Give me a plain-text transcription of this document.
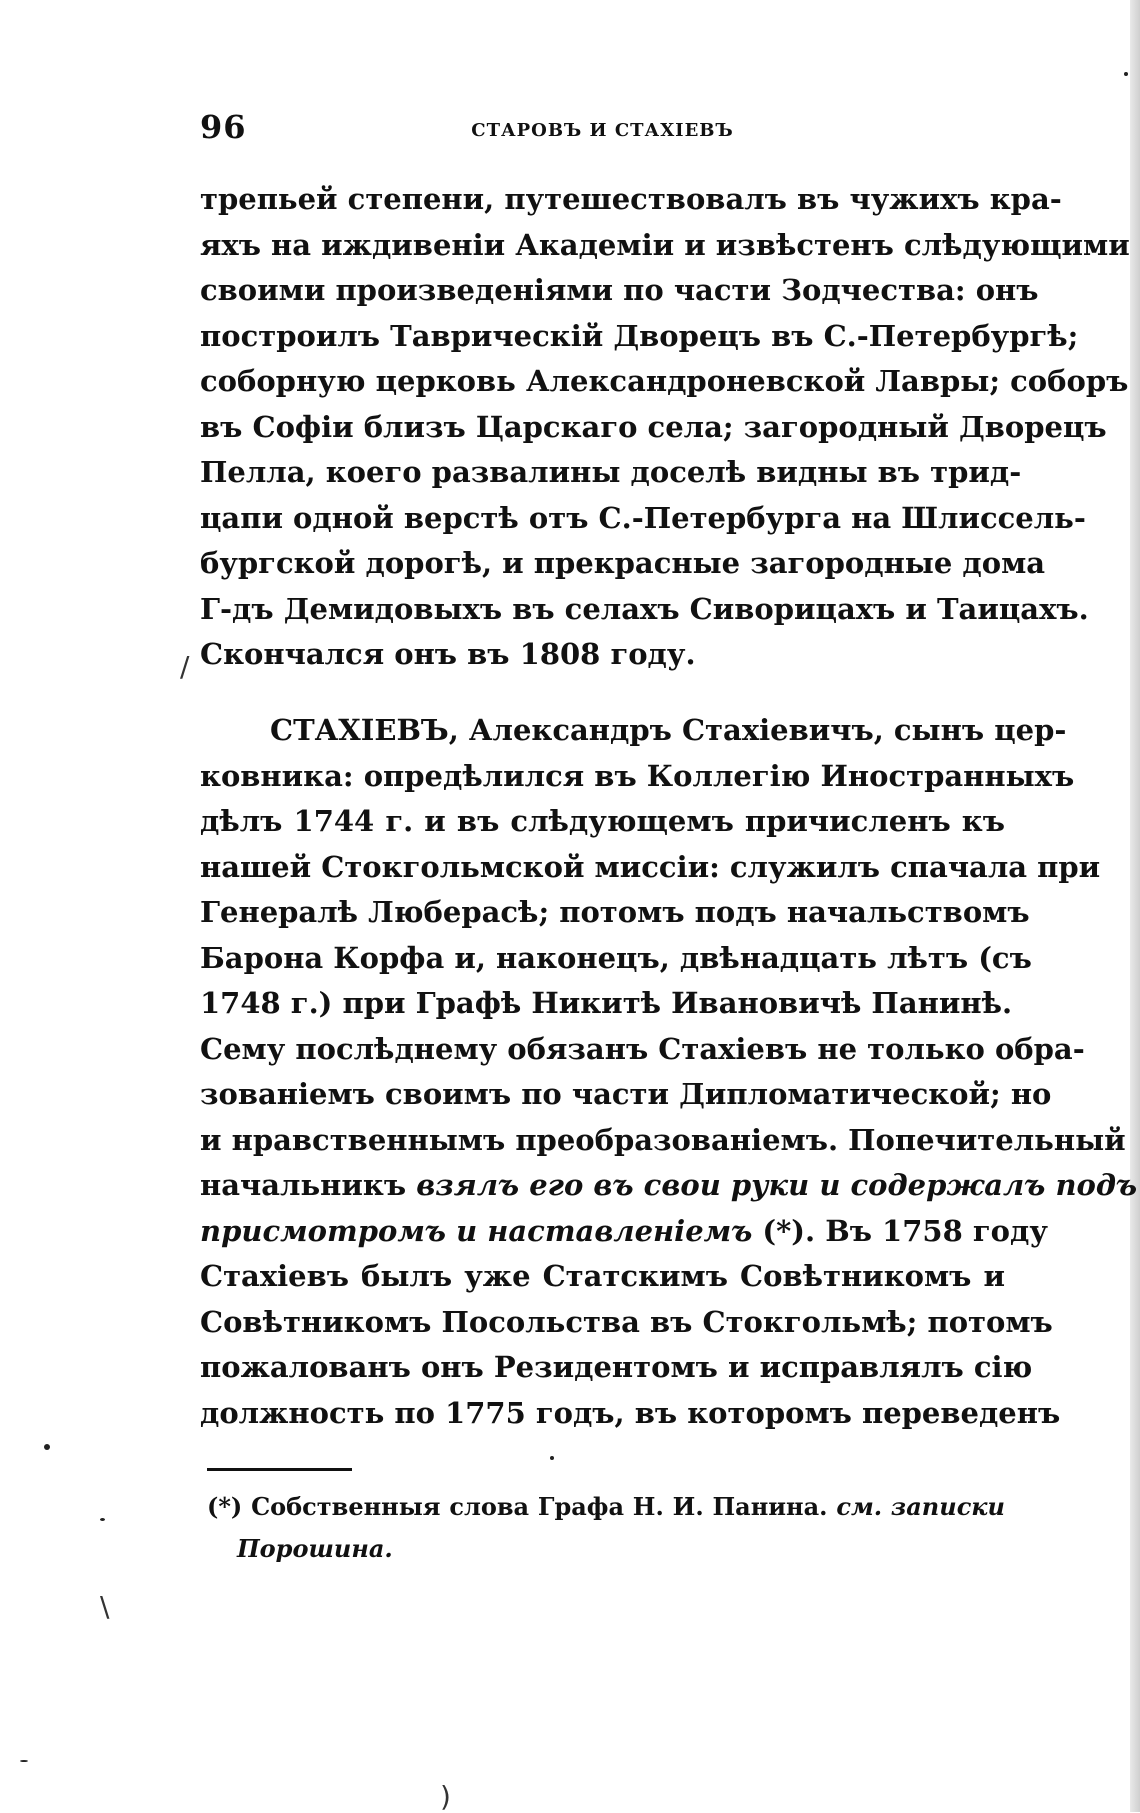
96	СТАРОВЪ И СТАХІЕВЪ
трепьей степени, путешествовалъ въ чужихъ кра-
яхъ на иждивеніи Академіи и извѣстенъ слѣдующими
своими произведеніями по части Зодчества: онъ
построилъ Таврическій Дворецъ въ С.-Петербургѣ;
соборную церковь Александроневской Лавры; соборъ
въ Софіи близъ Царскаго села; загородный Дворецъ
Пелла, коего развалины доселѣ видны въ трид-
цапи одной верстѣ отъ С.-Петербурга на Шлиссель-
бургской дорогѣ, и прекрасные загородные дома
Г-дъ Демидовыхъ въ селахъ Сиворицахъ и Таицахъ.
Скончался онъ въ 1808 году.
СТАХІЕВЪ, Александръ Стахіевичъ, сынъ цер-
ковника: опредѣлился въ Коллегію Иностранныхъ
дѣлъ 1744 г. и въ слѣдующемъ причисленъ къ
нашей Стокгольмской миссіи: служилъ спачала при
Генералѣ Люберасѣ; потомъ подъ начальствомъ
Барона Корфа и, наконецъ, двѣнадцать лѣтъ (съ
1748 г.) при Графѣ Никитѣ Ивановичѣ Панинѣ.
Сему послѣднему обязанъ Стахіевъ не только обра-
зованіемъ своимъ по части Дипломатической; но
и нравственнымъ преобразованіемъ. Попечительный
начальникъ взялъ его въ свои руки и содержалъ подъ
присмотромъ и наставленіемъ (*). Въ 1758 году
Стахіевъ былъ уже Статскимъ Совѣтникомъ и
Совѣтникомъ Посольства въ Стокгольмѣ; потомъ
пожалованъ онъ Резидентомъ и исправлялъ сію
должность по 1775 годъ, въ которомъ переведенъ
(*) Собственныя слова Графа Н. И. Панина. см. записки
Порошина.
\
/
)
